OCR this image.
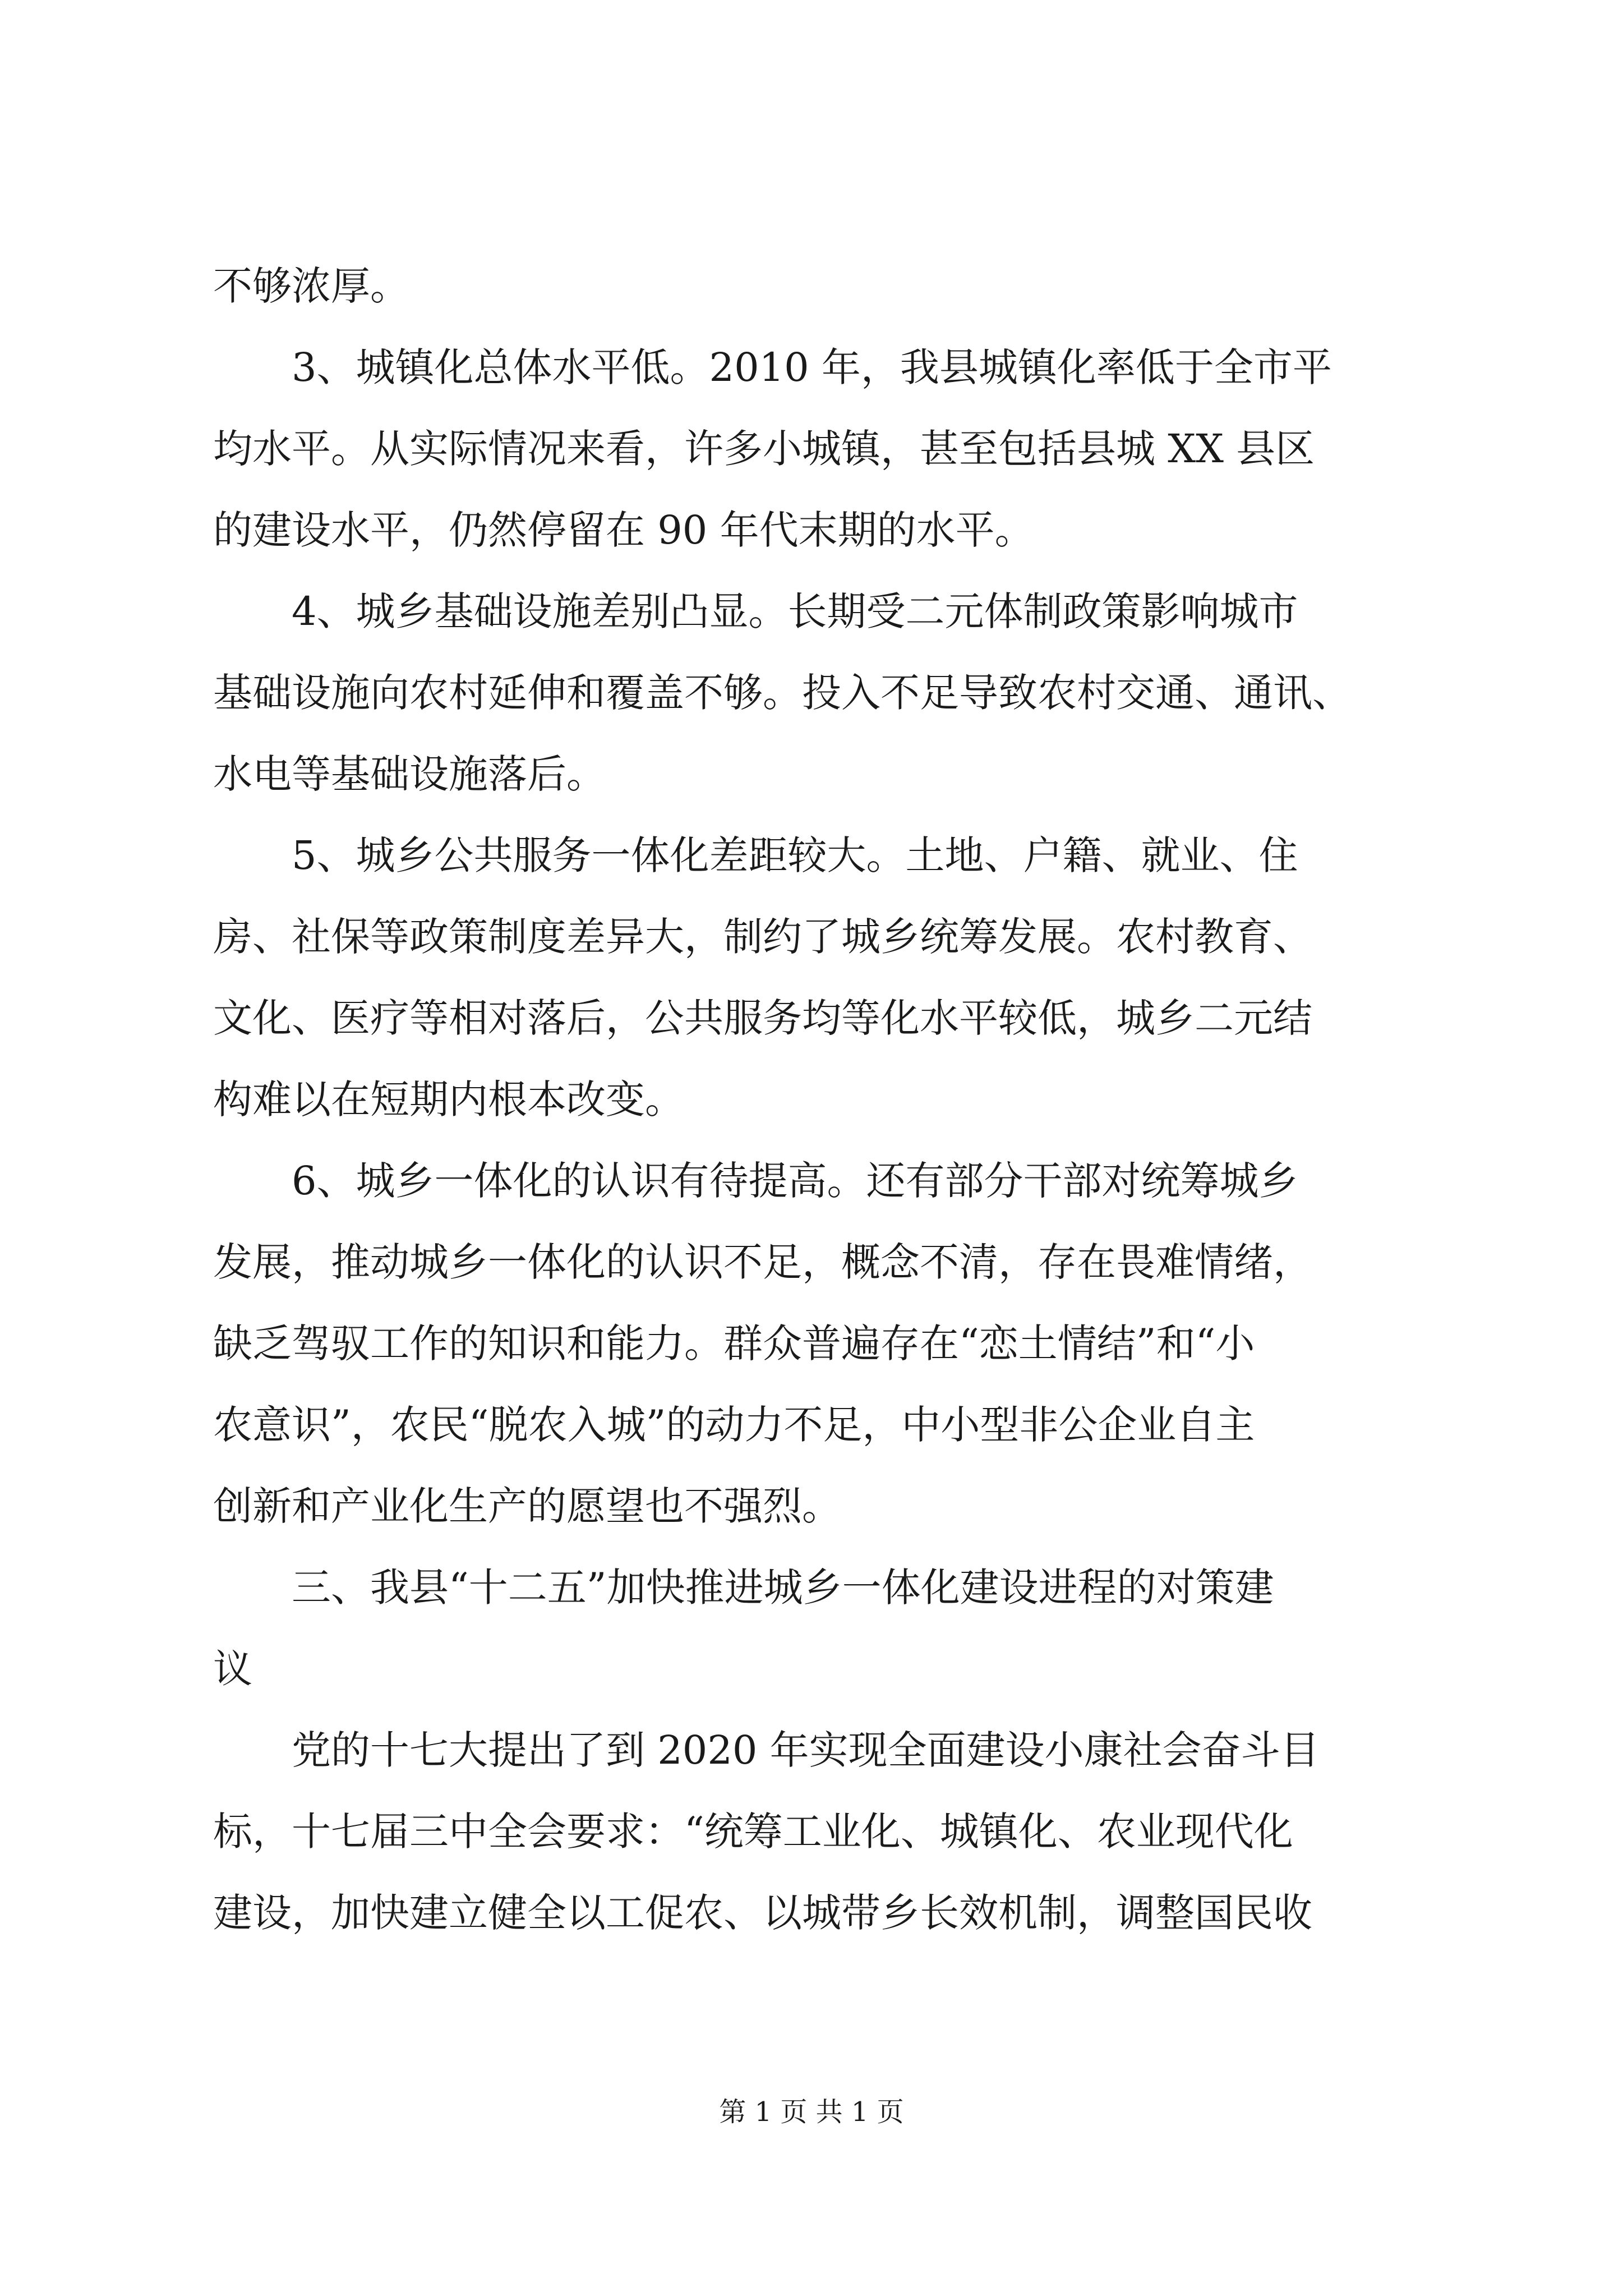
不够浓厚。
3、城镇化总体水平低。2010 年，我县城镇化率低于全市平
均水平。从实际情况来看，许多小城镇，甚至包括县城 XX 县区
的建设水平，仍然停留在 90 年代末期的水平。
4、城乡基础设施差别凸显。长期受二元体制政策影响城市
基础设施向农村延伸和覆盖不够。投入不足导致农村交通、通讯、
水电等基础设施落后。
5、城乡公共服务一体化差距较大。土地、户籍、就业、住
房、社保等政策制度差异大，制约了城乡统筹发展。农村教育、
文化、医疗等相对落后，公共服务均等化水平较低，城乡二元结
构难以在短期内根本改变。
6、城乡一体化的认识有待提高。还有部分干部对统筹城乡
发展，推动城乡一体化的认识不足，概念不清，存在畏难情绪，
缺乏驾驭工作的知识和能力。群众普遍存在“恋土情结”和“小
农意识”，农民“脱农入城”的动力不足，中小型非公企业自主
创新和产业化生产的愿望也不强烈。
三、我县“十二五”加快推进城乡一体化建设进程的对策建
议
党的十七大提出了到 2020 年实现全面建设小康社会奋斗目
标，十七届三中全会要求：“统筹工业化、城镇化、农业现代化
建设，加快建立健全以工促农、以城带乡长效机制，调整国民收
第 1 页 共 1 页
